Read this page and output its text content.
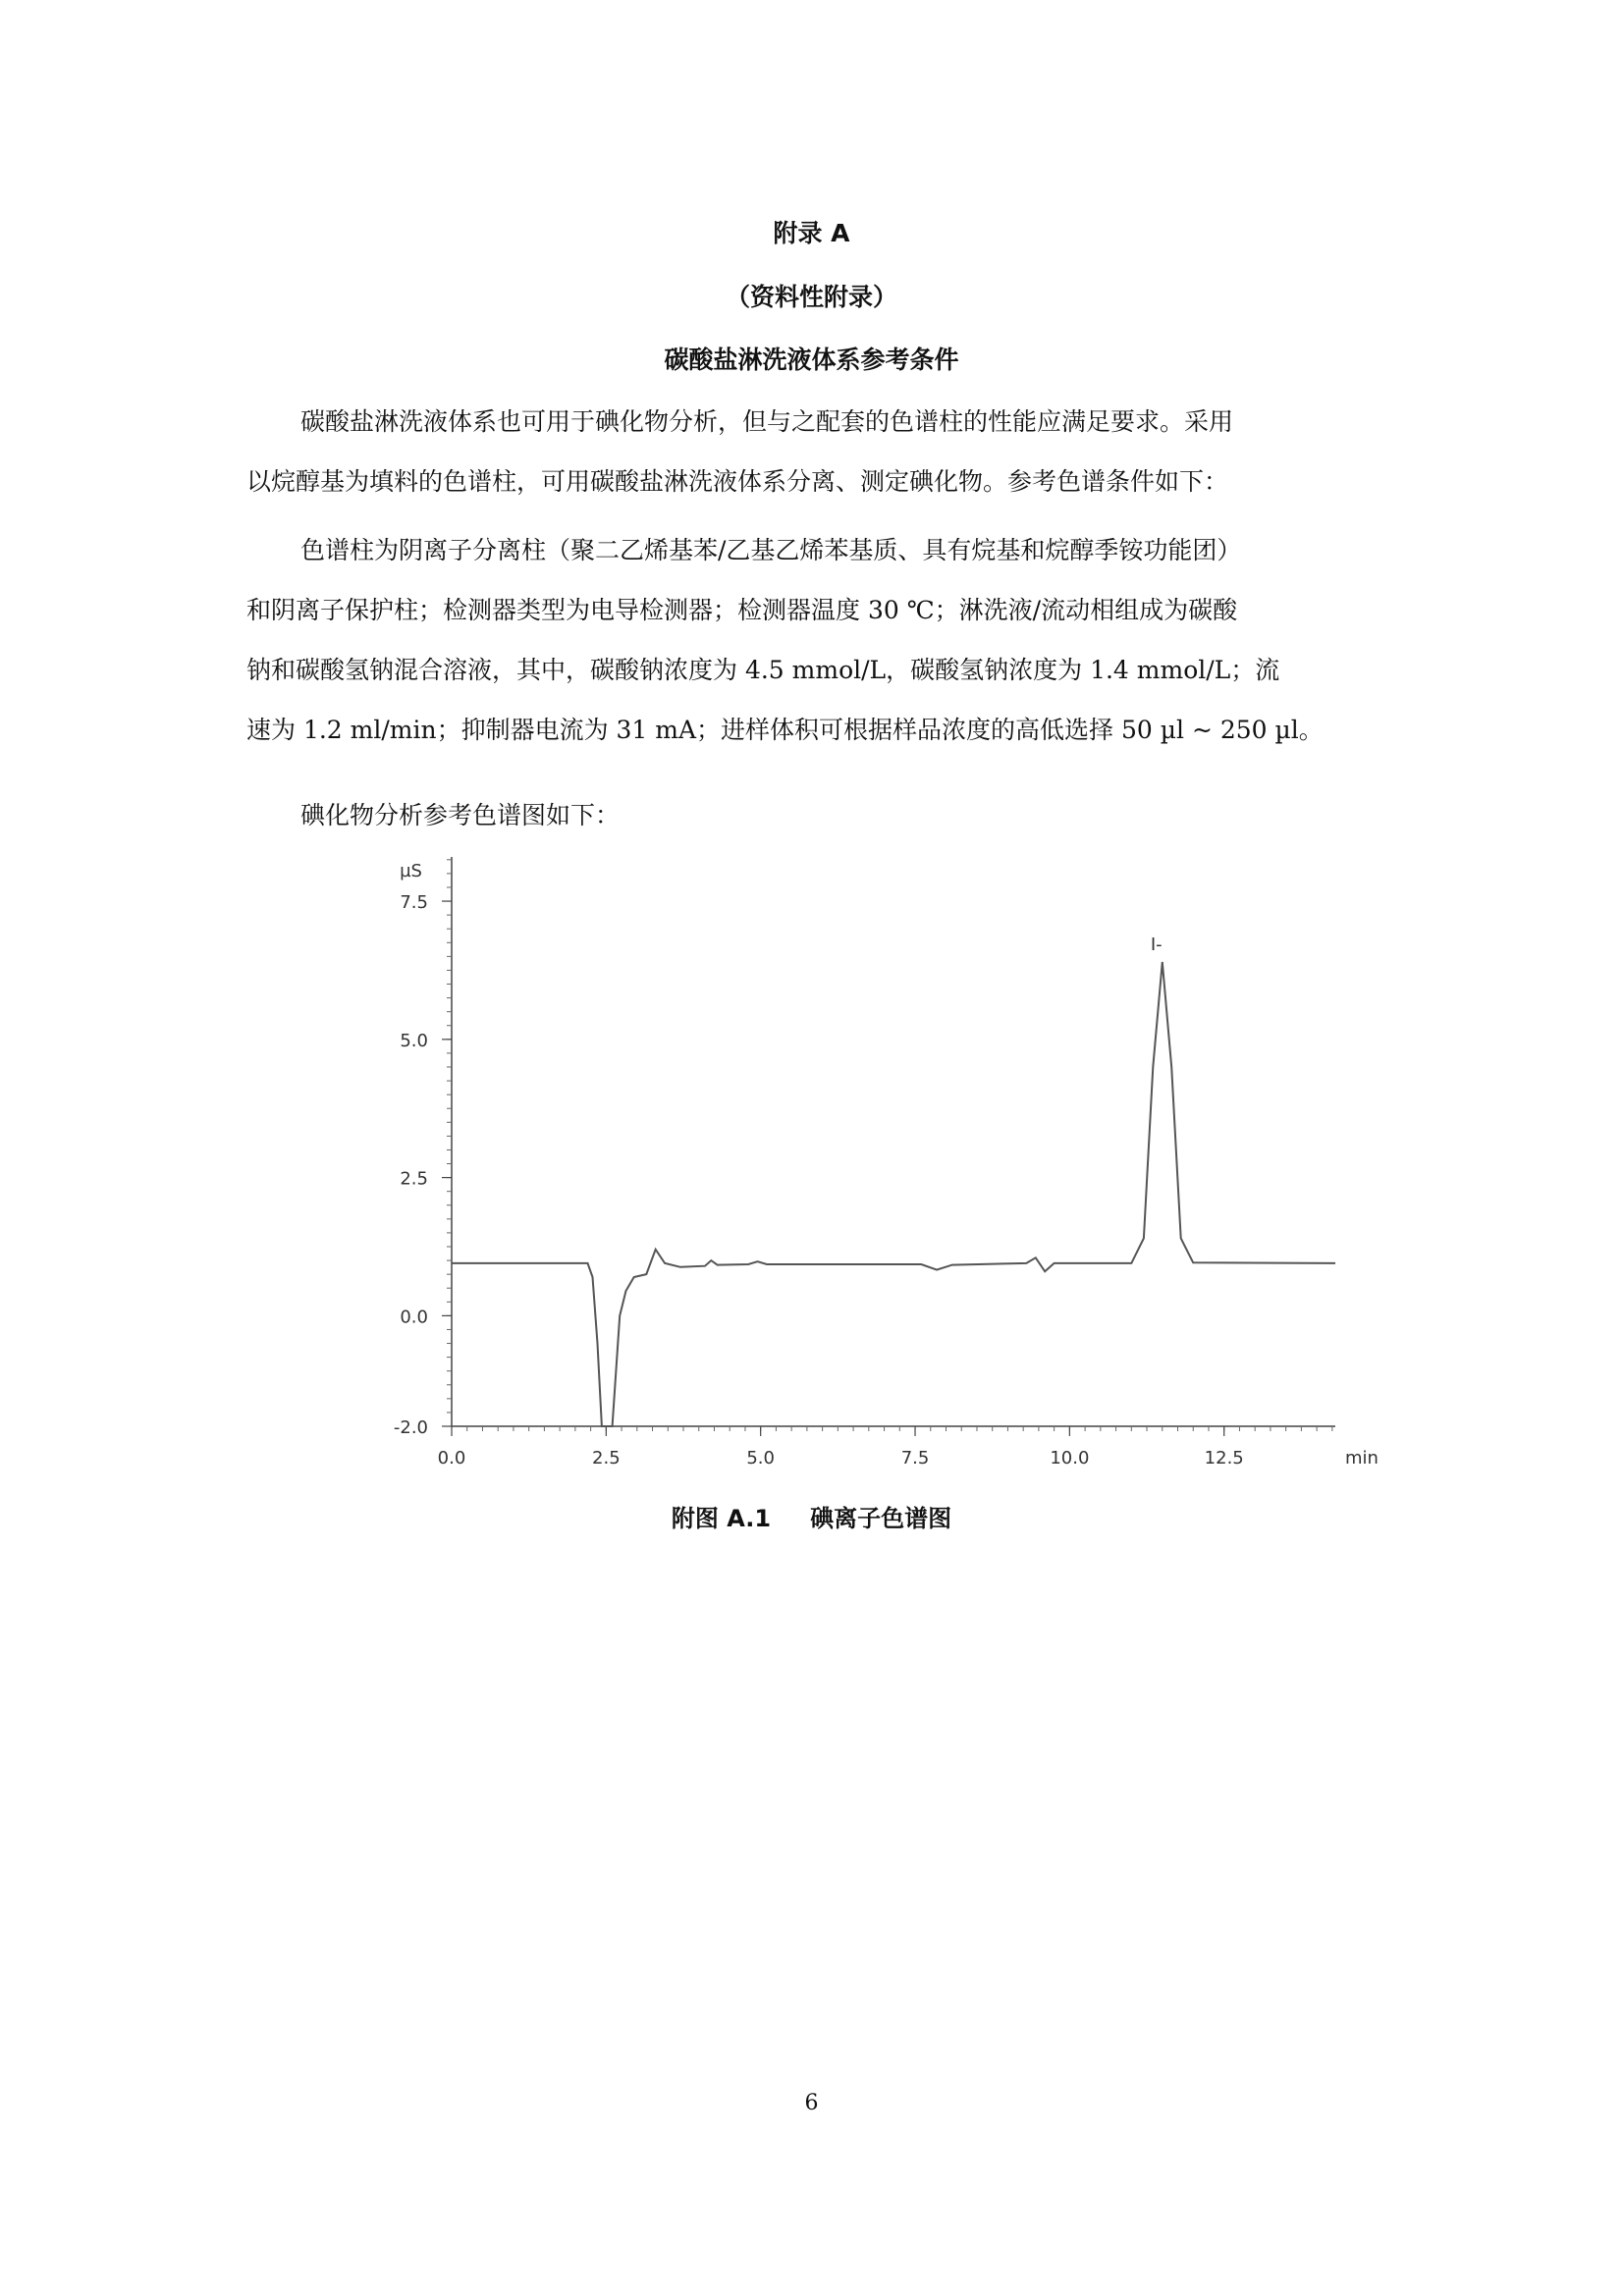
附录 A
（资料性附录）
碳酸盐淋洗液体系参考条件
碳酸盐淋洗液体系也可用于碘化物分析，但与之配套的色谱柱的性能应满足要求。采用
以烷醇基为填料的色谱柱，可用碳酸盐淋洗液体系分离、测定碘化物。参考色谱条件如下：
色谱柱为阴离子分离柱（聚二乙烯基苯/乙基乙烯苯基质、具有烷基和烷醇季铵功能团）
和阴离子保护柱；检测器类型为电导检测器；检测器温度 30 ℃；淋洗液/流动相组成为碳酸
钠和碳酸氢钠混合溶液，其中，碳酸钠浓度为 4.5 mmol/L，碳酸氢钠浓度为 1.4 mmol/L；流
速为 1.2 ml/min；抑制器电流为 31 mA；进样体积可根据样品浓度的高低选择 50 µl ~ 250 µl。
碘化物分析参考色谱图如下：
-2.0
0.0
2.5
5.0
7.5
0.0	2.5	5.0	7.5	10.0	12.5
µS
min
I-
附图 A.1 碘离子色谱图
6
